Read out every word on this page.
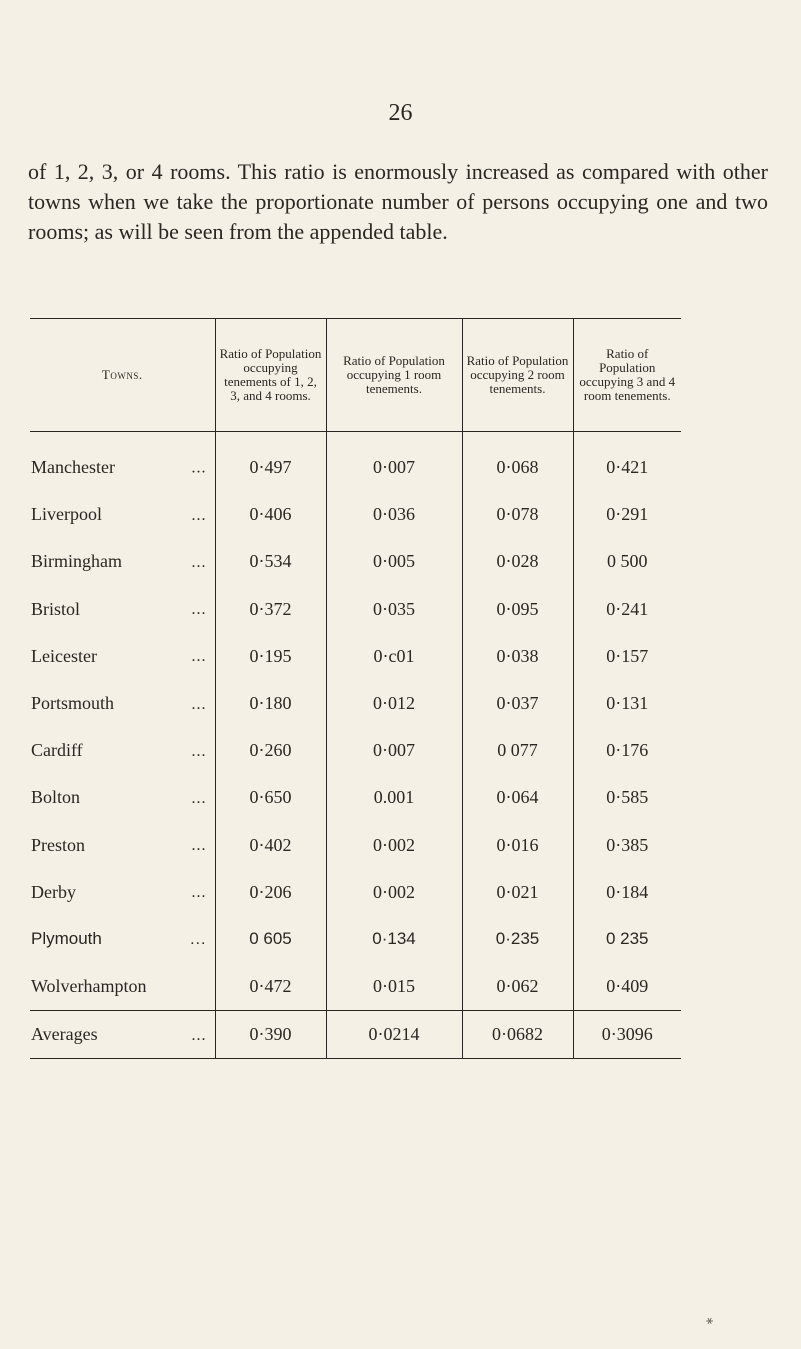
26

of 1, 2, 3, or 4 rooms. This ratio is enormously increased as compared with other towns when we take the proportionate number of persons occupying one and two rooms; as will be seen from the appended table.

Towns.	Ratio of Population occupying tenements of 1, 2, 3, and 4 rooms.	Ratio of Population occupying 1 room tenements.	Ratio of Population occupying 2 room tenements.	Ratio of Population occupying 3 and 4 room tenements.
Manchester ...	0·497	0·007	0·068	0·421
Liverpool ...	0·406	0·036	0·078	0·291
Birmingham ...	0·534	0·005	0·028	0 500
Bristol ...	0·372	0·035	0·095	0·241
Leicester ...	0·195	0·c01	0·038	0·157
Portsmouth ...	0·180	0·012	0·037	0·131
Cardiff ...	0·260	0·007	0 077	0·176
Bolton ...	0·650	0.001	0·064	0·585
Preston ...	0·402	0·002	0·016	0·385
Derby ...	0·206	0·002	0·021	0·184
Plymouth ...	0 605	0·134	0·235	0 235
Wolverhampton	0·472	0·015	0·062	0·409
Averages ...	0·390	0·0214	0·0682	0·3096
⚹
